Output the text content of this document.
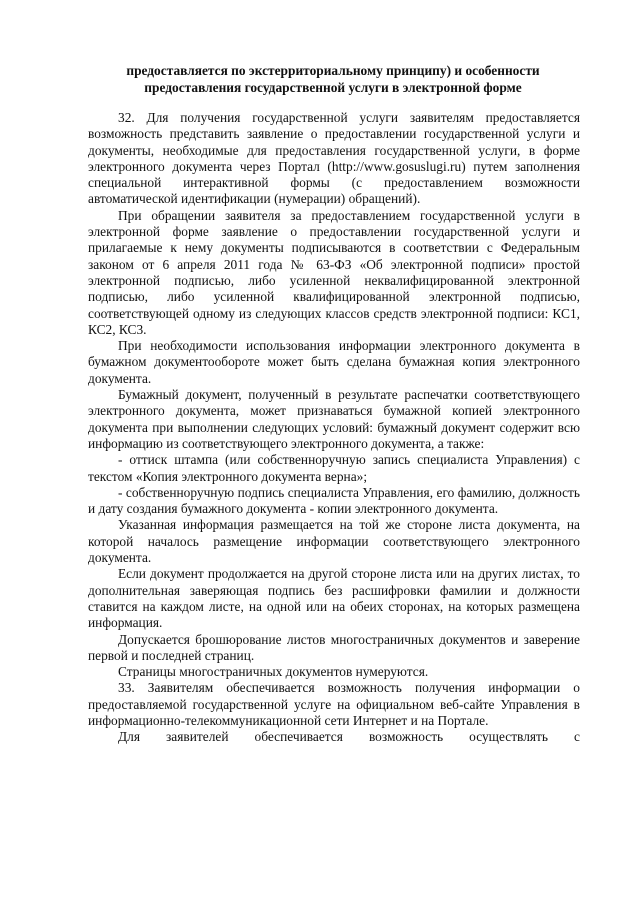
предоставляется по экстерриториальному принципу) и особенности
предоставления государственной услуги в электронной форме

32. Для получения государственной услуги заявителям предоставляется возможность представить заявление о предоставлении государственной услуги и документы, необходимые для предоставления государственной услуги, в форме электронного документа через Портал (http://www.gosuslugi.ru) путем заполнения специальной интерактивной формы (с предоставлением возможности автоматической идентификации (нумерации) обращений).

При обращении заявителя за предоставлением государственной услуги в электронной форме заявление о предоставлении государственной услуги и прилагаемые к нему документы подписываются в соответствии с Федеральным законом от 6 апреля 2011 года № 63-ФЗ «Об электронной подписи» простой электронной подписью, либо усиленной неквалифицированной электронной подписью, либо усиленной квалифицированной электронной подписью, соответствующей одному из следующих классов средств электронной подписи: КС1, КС2, КС3.

При необходимости использования информации электронного документа в бумажном документообороте может быть сделана бумажная копия электронного документа.

Бумажный документ, полученный в результате распечатки соответствующего электронного документа, может признаваться бумажной копией электронного документа при выполнении следующих условий: бумажный документ содержит всю информацию из соответствующего электронного документа, а также:

- оттиск штампа (или собственноручную запись специалиста Управления) с текстом «Копия электронного документа верна»;

- собственноручную подпись специалиста Управления, его фамилию, должность и дату создания бумажного документа - копии электронного документа.

Указанная информация размещается на той же стороне листа документа, на которой началось размещение информации соответствующего электронного документа.

Если документ продолжается на другой стороне листа или на других листах, то дополнительная заверяющая подпись без расшифровки фамилии и должности ставится на каждом листе, на одной или на обеих сторонах, на которых размещена информация.

Допускается брошюрование листов многостраничных документов и заверение первой и последней страниц.

Страницы многостраничных документов нумеруются.

33. Заявителям обеспечивается возможность получения информации о предоставляемой государственной услуге на официальном веб-сайте Управления в информационно-телекоммуникационной сети Интернет и на Портале.

Для заявителей обеспечивается возможность осуществлять с
